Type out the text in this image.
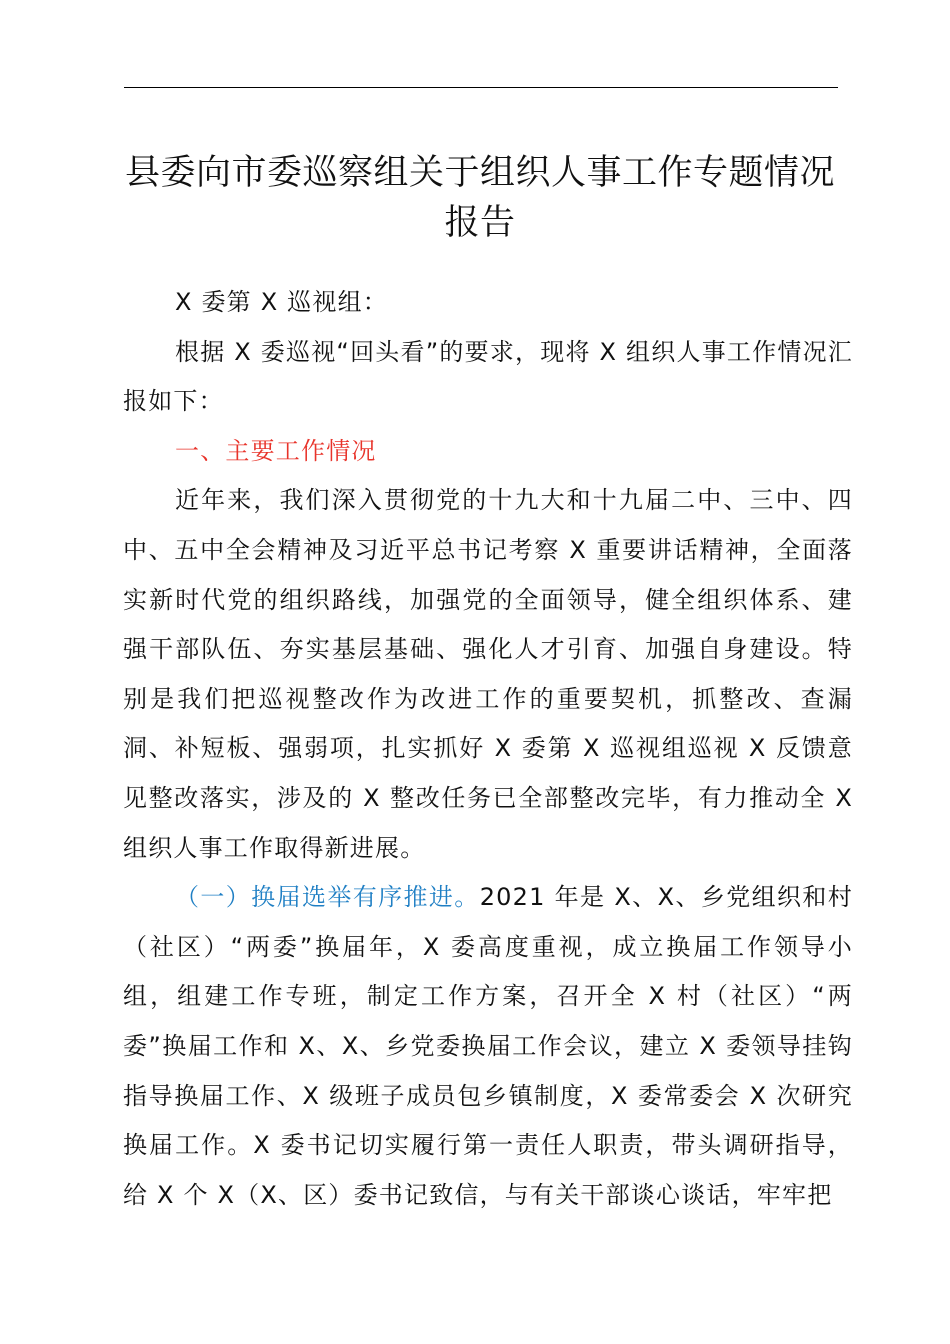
县委向市委巡察组关于组织人事工作专题情况报告

X 委第 X 巡视组：

根据 X 委巡视“回头看”的要求，现将 X 组织人事工作情况汇报如下：

一、主要工作情况

近年来，我们深入贯彻党的十九大和十九届二中、三中、四中、五中全会精神及习近平总书记考察 X 重要讲话精神，全面落实新时代党的组织路线，加强党的全面领导，健全组织体系、建强干部队伍、夯实基层基础、强化人才引育、加强自身建设。特别是我们把巡视整改作为改进工作的重要契机，抓整改、查漏洞、补短板、强弱项，扎实抓好 X 委第 X 巡视组巡视 X 反馈意见整改落实，涉及的 X 整改任务已全部整改完毕，有力推动全 X 组织人事工作取得新进展。

（一）换届选举有序推进。2021 年是 X、X、乡党组织和村（社区）“两委”换届年，X 委高度重视，成立换届工作领导小组，组建工作专班，制定工作方案，召开全 X 村（社区）“两委”换届工作和 X、X、乡党委换届工作会议，建立 X 委领导挂钩指导换届工作、X 级班子成员包乡镇制度，X 委常委会 X 次研究换届工作。X 委书记切实履行第一责任人职责，带头调研指导，给 X 个 X（X、区）委书记致信，与有关干部谈心谈话，牢牢把
